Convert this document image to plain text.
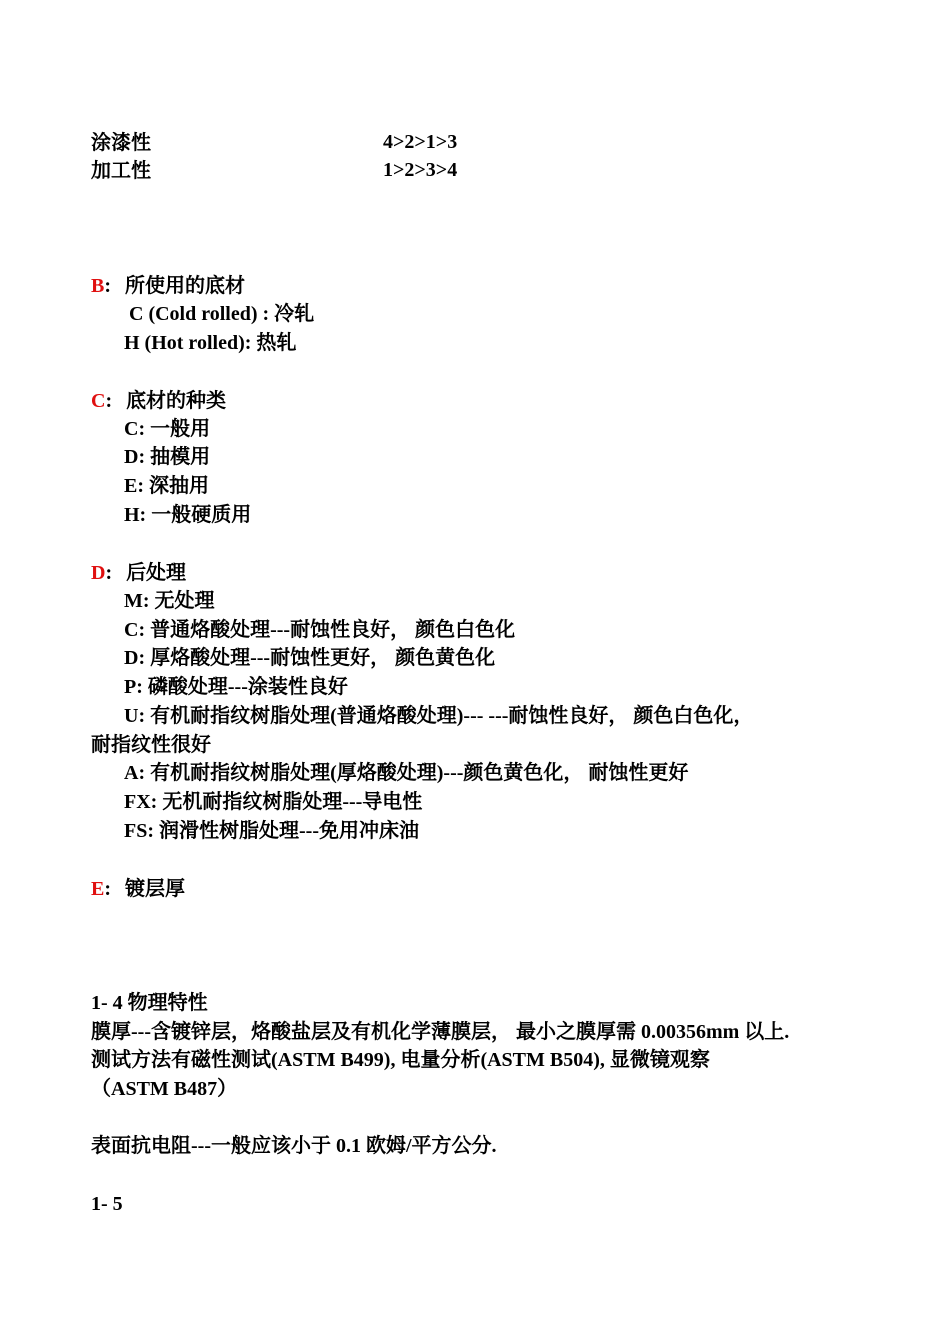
涂漆性	4>2>1>3
加工性	1>2>3>4
B: 所使用的底材
C (Cold rolled) : 冷轧
H (Hot rolled): 热轧
C: 底材的种类
C: 一般用
D: 抽模用
E: 深抽用
H: 一般硬质用
D: 后处理
M: 无处理
C: 普通烙酸处理---耐蚀性良好， 颜色白色化
D: 厚烙酸处理---耐蚀性更好， 颜色黄色化
P: 磷酸处理---涂装性良好
U: 有机耐指纹树脂处理(普通烙酸处理)--- ---耐蚀性良好， 颜色白色化，
耐指纹性很好
A: 有机耐指纹树脂处理(厚烙酸处理)---颜色黄色化， 耐蚀性更好
FX: 无机耐指纹树脂处理---导电性
FS: 润滑性树脂处理---免用冲床油
E: 镀层厚
1- 4 物理特性
膜厚---含镀锌层，烙酸盐层及有机化学薄膜层， 最小之膜厚需 0.00356mm 以上.
测试方法有磁性测试(ASTM B499), 电量分析(ASTM B504), 显微镜观察
（ASTM B487）
表面抗电阻---一般应该小于 0.1 欧姆/平方公分.
1- 5
